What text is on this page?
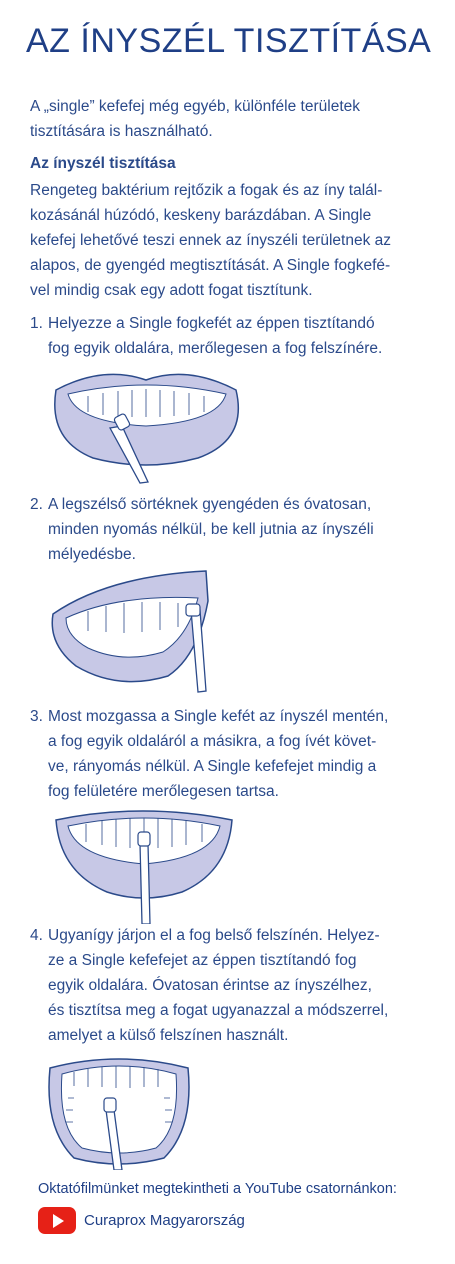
AZ ÍNYSZÉL TISZTÍTÁSA
A „single” kefefej még egyéb, különféle területek
tisztítására is használható.
Az ínyszél tisztítása
Rengeteg baktérium rejtőzik a fogak és az íny talál-
kozásánál húzódó, keskeny barázdában. A Single
kefefej lehetővé teszi ennek az ínyszéli területnek az
alapos, de gyengéd megtisztítását. A Single fogkefé-
vel mindig csak egy adott fogat tisztítunk.
1. Helyezze a Single fogkefét az éppen tisztítandó
fog egyik oldalára, merőlegesen a fog felszínére.
2. A legszélső sörtéknek gyengéden és óvatosan,
minden nyomás nélkül, be kell jutnia az ínyszéli
mélyedésbe.
3. Most mozgassa a Single kefét az ínyszél mentén,
a fog egyik oldaláról a másikra, a fog ívét követ-
ve, rányomás nélkül. A Single kefefejet mindig a
fog felületére merőlegesen tartsa.
4. Ugyanígy járjon el a fog belső felszínén. Helyez-
ze a Single kefefejet az éppen tisztítandó fog
egyik oldalára. Óvatosan érintse az ínyszélhez,
és tisztítsa meg a fogat ugyanazzal a módszerrel,
amelyet a külső felszínen használt.
Oktatófilmünket megtekintheti a YouTube csatornánkon:
Curaprox Magyarország
